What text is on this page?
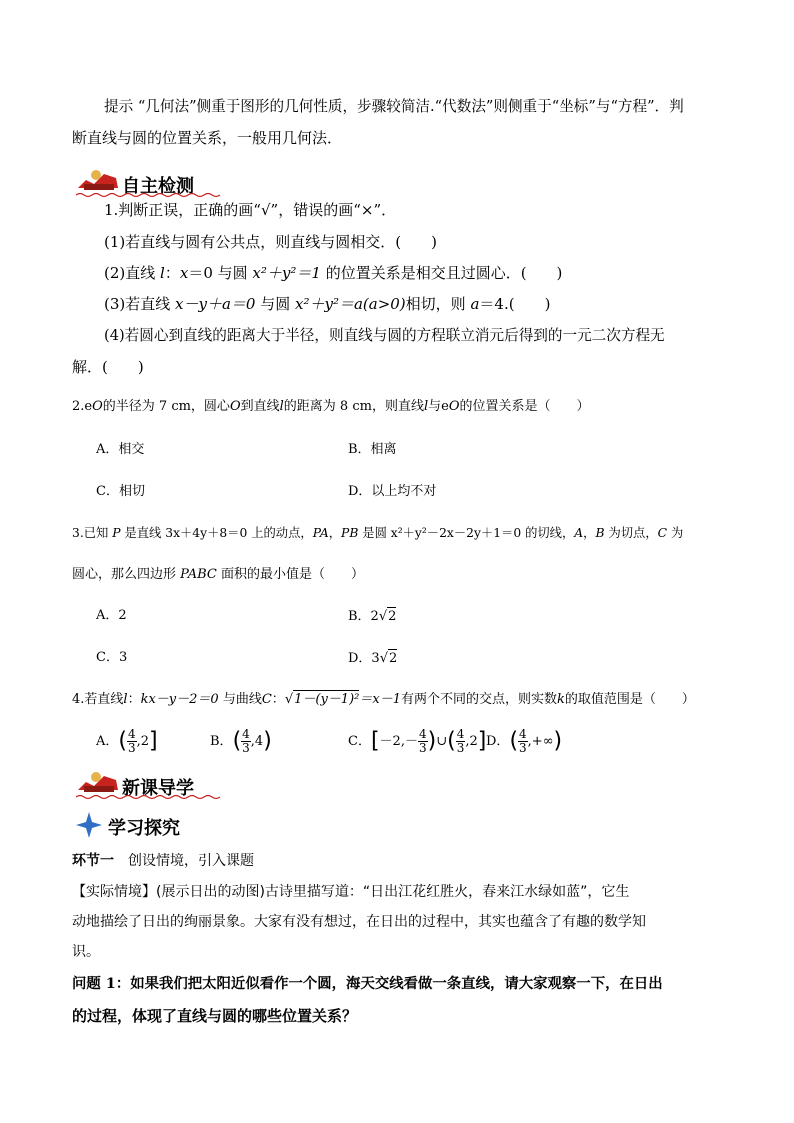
提示 “几何法”侧重于图形的几何性质，步骤较简洁.“代数法”则侧重于“坐标”与“方程”．判
断直线与圆的位置关系，一般用几何法．
自主检测
1.判断正误，正确的画“√”，错误的画“×”．
(1)若直线与圆有公共点，则直线与圆相交．(　　)
(2)直线 l：x＝0 与圆 x²＋y²＝1 的位置关系是相交且过圆心．(　　)
(3)若直线 x－y＋a＝0 与圆 x²＋y²＝a(a>0)相切，则 a＝4.(　　)
(4)若圆心到直线的距离大于半径，则直线与圆的方程联立消元后得到的一元二次方程无
解．(　　)
2.eO的半径为 7 cm，圆心O到直线l的距离为 8 cm，则直线l与eO的位置关系是（　　）
A．相交	B．相离
C．相切	D．以上均不对
3.已知 P 是直线 3x＋4y＋8＝0 上的动点，PA，PB 是圆 x²＋y²－2x－2y＋1＝0 的切线，A，B 为切点，C 为
圆心，那么四边形 PABC 面积的最小值是（　　）
A．2	B．2√2
C．3	D．3√2
4.若直线l：kx－y－2＝0 与曲线C：√1－(y－1)²＝x－1有两个不同的交点，则实数k的取值范围是（　　）
A．( $\frac{4}{3} ,2$]	B．( $\frac{4}{3} ,4$)	C．[$-2,- \frac{4}{3}$ )∪( $\frac{4}{3} ,2$] D．( $\frac{4}{3}$ ,+∞)
新课导学
学习探究
环节一　创设情境，引入课题
【实际情境】(展示日出的动图)古诗里描写道：“日出江花红胜火，春来江水绿如蓝”，它生
动地描绘了日出的绚丽景象。大家有没有想过，在日出的过程中，其实也蕴含了有趣的数学知
识。
问题 1：如果我们把太阳近似看作一个圆，海天交线看做一条直线，请大家观察一下，在日出
的过程，体现了直线与圆的哪些位置关系？
